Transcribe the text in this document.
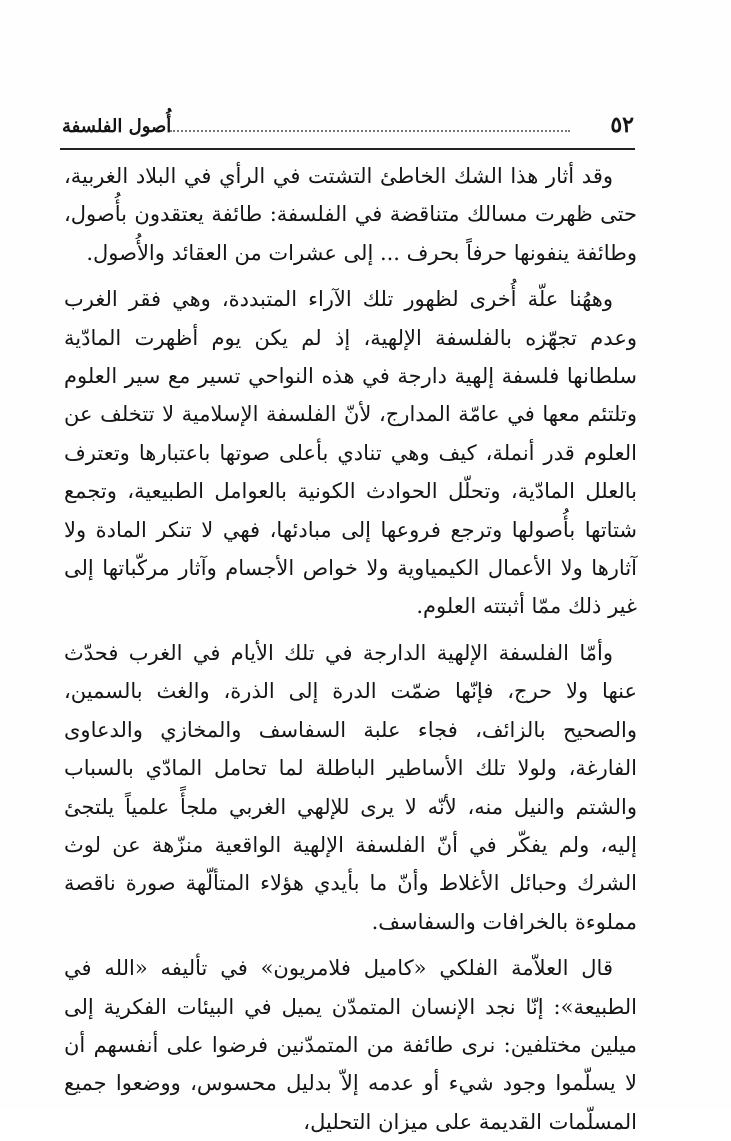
٥٢
أُصول الفلسفة

وقد أثار هذا الشك الخاطئ التشتت في الرأي في البلاد الغربية، حتى ظهرت مسالك متناقضة في الفلسفة: طائفة يعتقدون بأُصول، وطائفة ينفونها حرفاً بحرف ... إلى عشرات من العقائد والأُصول.

وههُنا علّة أُخرى لظهور تلك الآراء المتبددة، وهي فقر الغرب وعدم تجهّزه بالفلسفة الإلهية، إذ لم يكن يوم أظهرت المادّية سلطانها فلسفة إلهية دارجة في هذه النواحي تسير مع سير العلوم وتلتئم معها في عامّة المدارج، لأنّ الفلسفة الإسلامية لا تتخلف عن العلوم قدر أنملة، كيف وهي تنادي بأعلى صوتها باعتبارها وتعترف بالعلل المادّية، وتحلّل الحوادث الكونية بالعوامل الطبيعية، وتجمع شتاتها بأُصولها وترجع فروعها إلى مبادئها، فهي لا تنكر المادة ولا آثارها ولا الأعمال الكيمياوية ولا خواص الأجسام وآثار مركّباتها إلى غير ذلك ممّا أثبتته العلوم.

وأمّا الفلسفة الإلهية الدارجة في تلك الأيام في الغرب فحدّث عنها ولا حرج، فإنّها ضمّت الدرة إلى الذرة، والغث بالسمين، والصحيح بالزائف، فجاء علبة السفاسف والمخازي والدعاوى الفارغة، ولولا تلك الأساطير الباطلة لما تحامل المادّي بالسباب والشتم والنيل منه، لأنّه لا يرى للإلهي الغربي ملجأً علمياً يلتجئ إليه، ولم يفكّر في أنّ الفلسفة الإلهية الواقعية منزّهة عن لوث الشرك وحبائل الأغلاط وأنّ ما بأيدي هؤلاء المتألّهة صورة ناقصة مملوءة بالخرافات والسفاسف.

قال العلاّمة الفلكي «كاميل فلامريون» في تأليفه «الله في الطبيعة»: إنّا نجد الإنسان المتمدّن يميل في البيئات الفكرية إلى ميلين مختلفين: نرى طائفة من المتمدّنين فرضوا على أنفسهم أن لا يسلّموا وجود شيء أو عدمه إلاّ بدليل محسوس، ووضعوا جميع المسلّمات القديمة على ميزان التحليل،
